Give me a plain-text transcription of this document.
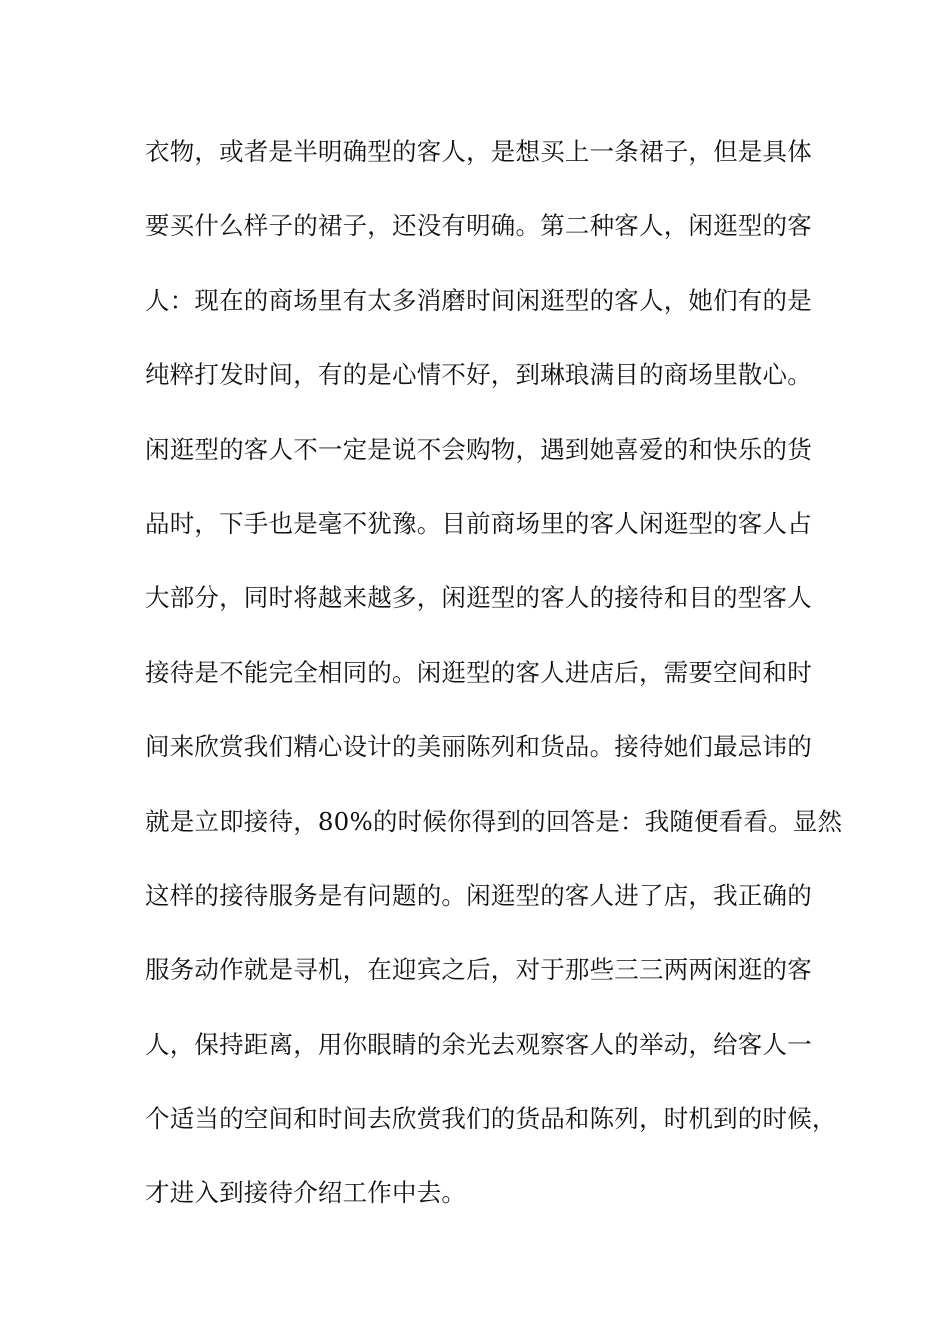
衣物，或者是半明确型的客人，是想买上一条裙子，但是具体
要买什么样子的裙子，还没有明确。第二种客人，闲逛型的客
人：现在的商场里有太多消磨时间闲逛型的客人，她们有的是
纯粹打发时间，有的是心情不好，到琳琅满目的商场里散心。
闲逛型的客人不一定是说不会购物，遇到她喜爱的和快乐的货
品时，下手也是毫不犹豫。目前商场里的客人闲逛型的客人占
大部分，同时将越来越多，闲逛型的客人的接待和目的型客人
接待是不能完全相同的。闲逛型的客人进店后，需要空间和时
间来欣赏我们精心设计的美丽陈列和货品。接待她们最忌讳的
就是立即接待，80%的时候你得到的回答是：我随便看看。显然
这样的接待服务是有问题的。闲逛型的客人进了店，我正确的
服务动作就是寻机，在迎宾之后，对于那些三三两两闲逛的客
人，保持距离，用你眼睛的余光去观察客人的举动，给客人一
个适当的空间和时间去欣赏我们的货品和陈列，时机到的时候，
才进入到接待介绍工作中去。
